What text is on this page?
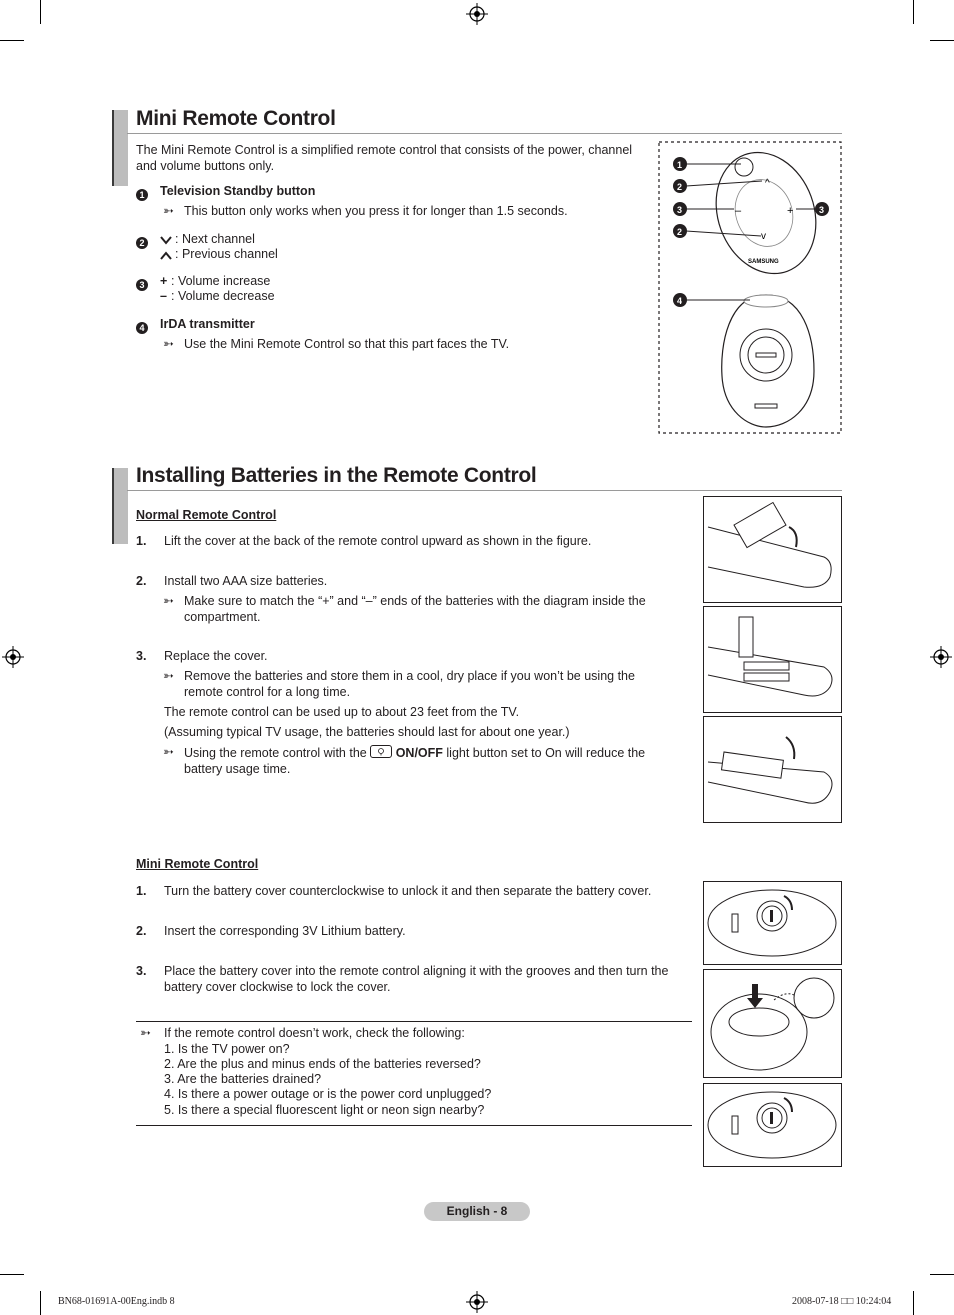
Mini Remote Control
The Mini Remote Control is a simplified remote control that consists of the power, channel and volume buttons only.
1 Television Standby button
➳ This button only works when you press it for longer than 1.5 seconds.
2 : Next channel
: Previous channel
3 + : Volume increase
– : Volume decrease
4 IrDA transmitter
➳ Use the Mini Remote Control so that this part faces the TV.
^
–	+
v
SAMSUNG
1
2
3
2
3
4
Installing Batteries in the Remote Control
Normal Remote Control
1. Lift the cover at the back of the remote control upward as shown in the figure.
2. Install two AAA size batteries.
➳ Make sure to match the “+” and “–” ends of the batteries with the diagram inside the compartment.
3. Replace the cover.
➳ Remove the batteries and store them in a cool, dry place if you won’t be using the remote control for a long time.
The remote control can be used up to about 23 feet from the TV.
(Assuming typical TV usage, the batteries should last for about one year.)
➳ Using the remote control with the ON/OFF light button set to On will reduce the battery usage time.
Mini Remote Control
1. Turn the battery cover counterclockwise to unlock it and then separate the battery cover.
2. Insert the corresponding 3V Lithium battery.
3. Place the battery cover into the remote control aligning it with the grooves and then turn the battery cover clockwise to lock the cover.
➳ If the remote control doesn’t work, check the following:
1. Is the TV power on?
2. Are the plus and minus ends of the batteries reversed?
3. Are the batteries drained?
4. Is there a power outage or is the power cord unplugged?
5. Is there a special fluorescent light or neon sign nearby?
English - 8
BN68-01691A-00Eng.indb 8	2008-07-18 □□ 10:24:04
